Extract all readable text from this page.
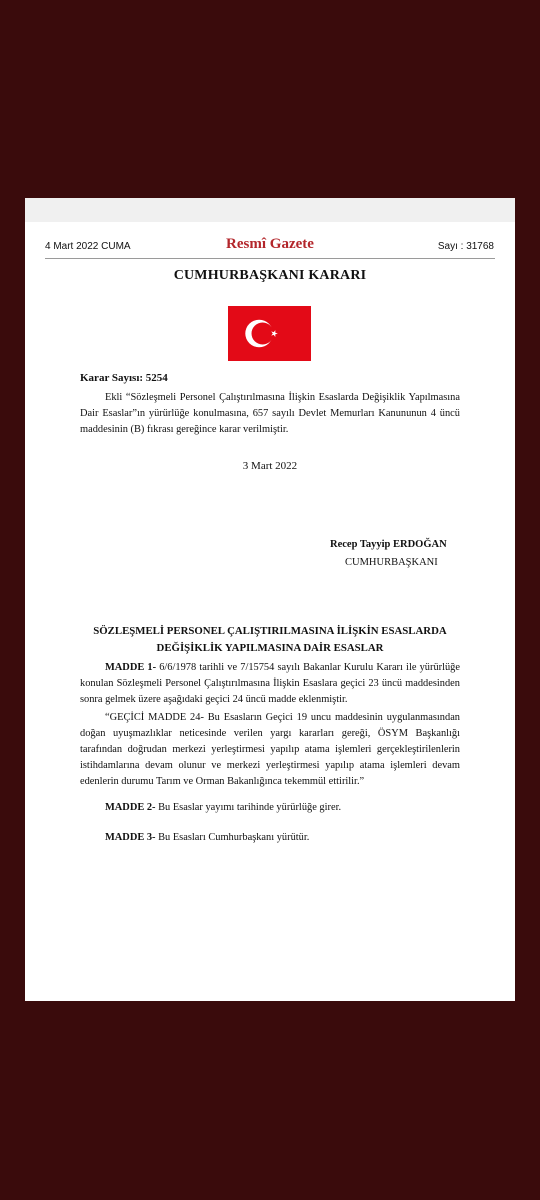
4 Mart 2022 CUMA	Resmî Gazete	Sayı : 31768
CUMHURBAŞKANI KARARI
Karar Sayısı: 5254
Ekli “Sözleşmeli Personel Çalıştırılmasına İlişkin Esaslarda Değişiklik Yapılmasına Dair Esaslar”ın yürürlüğe konulmasına, 657 sayılı Devlet Memurları Kanununun 4 üncü maddesinin (B) fıkrası gereğince karar verilmiştir.
3 Mart 2022
Recep Tayyip ERDOĞAN
CUMHURBAŞKANI
SÖZLEŞMELİ PERSONEL ÇALIŞTIRILMASINA İLİŞKİN ESASLARDA
DEĞİŞİKLİK YAPILMASINA DAİR ESASLAR
MADDE 1- 6/6/1978 tarihli ve 7/15754 sayılı Bakanlar Kurulu Kararı ile yürürlüğe konulan Sözleşmeli Personel Çalıştırılmasına İlişkin Esaslara geçici 23 üncü maddesinden sonra gelmek üzere aşağıdaki geçici 24 üncü madde eklenmiştir.
“GEÇİCİ MADDE 24- Bu Esasların Geçici 19 uncu maddesinin uygulanmasından doğan uyuşmazlıklar neticesinde verilen yargı kararları gereği, ÖSYM Başkanlığı tarafından doğrudan merkezi yerleştirmesi yapılıp atama işlemleri gerçekleştirilenlerin istihdamlarına devam olunur ve merkezi yerleştirmesi yapılıp atama işlemleri devam edenlerin durumu Tarım ve Orman Bakanlığınca tekemmül ettirilir.”
MADDE 2- Bu Esaslar yayımı tarihinde yürürlüğe girer.
MADDE 3- Bu Esasları Cumhurbaşkanı yürütür.
